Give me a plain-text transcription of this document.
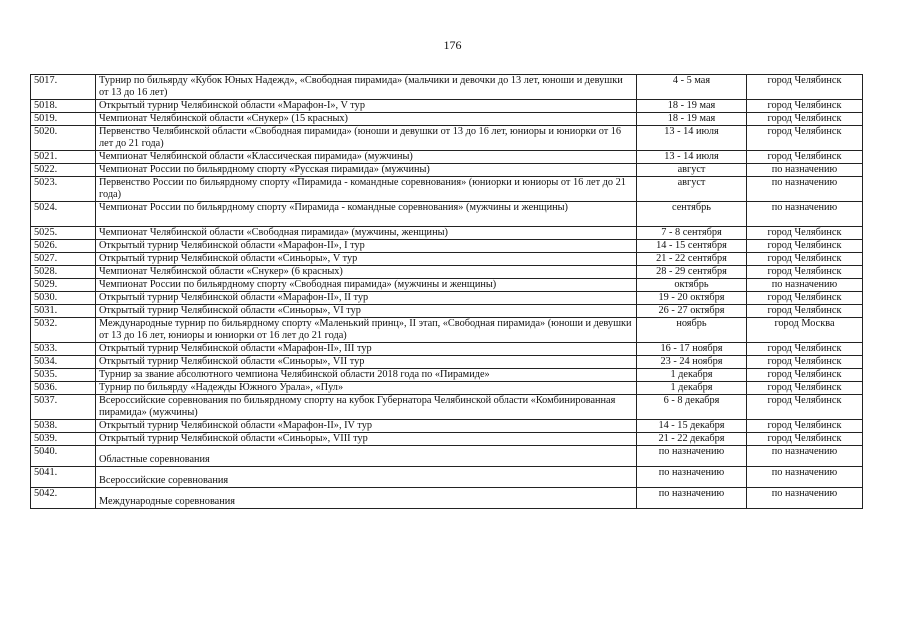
176
5017.	Турнир по бильярду «Кубок Юных Надежд», «Свободная пирамида» (мальчики и девочки до 13 лет, юноши и девушки от 13 до 16 лет)	4 - 5 мая	город Челябинск
5018.	Открытый турнир Челябинской области «Марафон-I», V тур	18 - 19 мая	город Челябинск
5019.	Чемпионат Челябинской области «Снукер» (15 красных)	18 - 19 мая	город Челябинск
5020.	Первенство Челябинской области «Свободная пирамида» (юноши и девушки от 13 до 16 лет, юниоры и юниорки от 16 лет до 21 года)	13 - 14 июля	город Челябинск
5021.	Чемпионат Челябинской области «Классическая пирамида» (мужчины)	13 - 14 июля	город Челябинск
5022.	Чемпионат России по бильярдному спорту «Русская пирамида» (мужчины)	август	по назначению
5023.	Первенство России по бильярдному спорту «Пирамида - командные соревнования» (юниорки и юниоры от 16 лет до 21 года)	август	по назначению
5024.	Чемпионат России по бильярдному спорту «Пирамида - командные соревнования» (мужчины и женщины)	сентябрь	по назначению
5025.	Чемпионат Челябинской области «Свободная пирамида» (мужчины, женщины)	7 - 8 сентября	город Челябинск
5026.	Открытый турнир Челябинской области «Марафон-II», I тур	14 - 15 сентября	город Челябинск
5027.	Открытый турнир Челябинской области «Синьоры», V тур	21 - 22 сентября	город Челябинск
5028.	Чемпионат Челябинской области «Снукер» (6 красных)	28 - 29 сентября	город Челябинск
5029.	Чемпионат России по бильярдному спорту «Свободная пирамида» (мужчины и женщины)	октябрь	по назначению
5030.	Открытый турнир Челябинской области «Марафон-II», II тур	19 - 20 октября	город Челябинск
5031.	Открытый турнир Челябинской области «Синьоры», VI тур	26 - 27 октября	город Челябинск
5032.	Международные турнир по бильярдному спорту «Маленький принц», II этап, «Свободная пирамида» (юноши и девушки от 13 до 16 лет, юниоры и юниорки от 16 лет до 21 года)	ноябрь	город Москва
5033.	Открытый турнир Челябинской области «Марафон-II», III тур	16 - 17 ноября	город Челябинск
5034.	Открытый турнир Челябинской области «Синьоры», VII тур	23 - 24 ноября	город Челябинск
5035.	Турнир за звание абсолютного чемпиона Челябинской области 2018 года по «Пирамиде»	1 декабря	город Челябинск
5036.	Турнир по бильярду «Надежды Южного Урала», «Пул»	1 декабря	город Челябинск
5037.	Всероссийские соревнования по бильярдному спорту на кубок Губернатора Челябинской области «Комбинированная пирамида» (мужчины)	6 - 8 декабря	город Челябинск
5038.	Открытый турнир Челябинской области «Марафон-II», IV тур	14 - 15 декабря	город Челябинск
5039.	Открытый турнир Челябинской области «Синьоры», VIII тур	21 - 22 декабря	город Челябинск
5040.	Областные соревнования	по назначению	по назначению
5041.	Всероссийские соревнования	по назначению	по назначению
5042.	Международные соревнования	по назначению	по назначению
